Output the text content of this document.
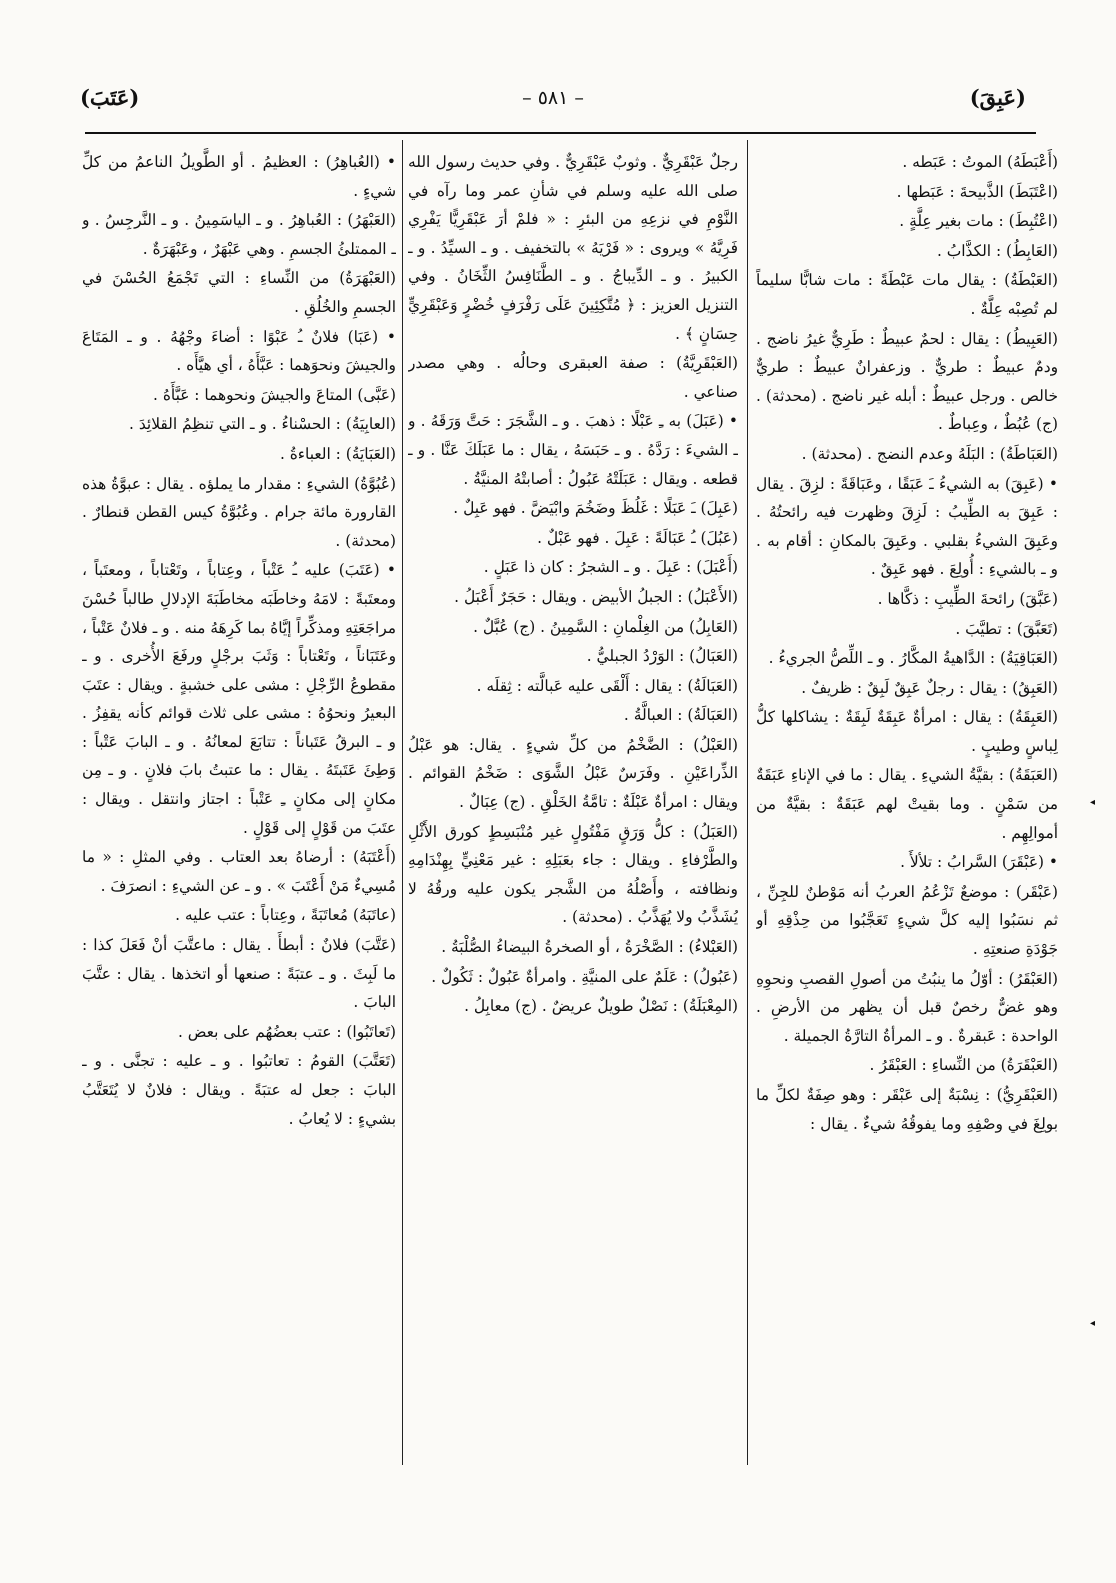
(عَبِقَ)
– ٥٨١ –
(عَتَبَ)

(أَعْبَطَهُ) الموتُ : عَبَطه .

(اعْتَبَطَ) الذَّبيحةَ : عَبَطها .

(اعْتُبِطَ) : مات بغير عِلَّةٍ .

(العَابِطُ) : الكذَّابُ .

(العَبْطَةُ) : يقال مات عَبْطَةً : مات شابًّا سليماً لم تُصِبْه عِلَّةٌ .

(العَبِيطُ) : يقال : لحمٌ عبيطٌ : طَرِيٌّ غيرُ ناضج . ودمٌ عبيطٌ : طريٌّ . وزعفرانٌ عبيطٌ : طريٌّ خالص . ورجل عبيطٌ : أبله غير ناضج . (محدثة) . (ج) عُبُطٌ ، وعِباطٌ .

(العَبَاطَةُ) : البَلَهُ وعدم النضج . (محدثة) .

• (عَبِقَ) به الشيءُ ـَ عَبَقًا ، وعَبَاقَةً : لزِقَ . يقال : عَبِقَ به الطِّيبُ : لَزِقَ وظهرت فيه رائحتُهُ . وعَبِقَ الشيءُ بقلبي . وعَبِقَ بالمكانِ : أقام به . و ـ بالشيءِ : أُولِعَ . فهو عَبِقٌ .

(عَبَّقَ) رائحةَ الطِّيبِ : ذكَّاها .

(تَعَبَّقَ) : تطيَّبَ .

(العَبَاقِيَةُ) : الدَّاهيةُ المكَّارُ . و ـ اللِّصُّ الجريءُ .

(العَبِقُ) : يقال : رجلٌ عَبِقٌ لَبِقٌ : ظريفٌ .

(العَبِقَةُ) : يقال : امرأةٌ عَبِقَةٌ لَبِقَةٌ : يشاكلها كلُّ لِباسٍ وطيبٍ .

(العَبَقَةُ) : بقيَّةُ الشيءِ . يقال : ما في الإناءِ عَبَقَةٌ من سَمْنٍ . وما بقيتْ لهم عَبَقَةٌ : بقيَّةٌ من أموالِهِم .

• (عَبْقَرَ) السَّرابُ : تلألأَ .

(عَبْقَر) : موضعٌ تَزْعُمُ العربُ أنه مَوْطنٌ للجِنِّ ، ثم نسَبُوا إليه كلَّ شيءٍ تَعَجَّبُوا من حِذْقِهِ أو جَوْدَةِ صنعتِهِ .

(العَبْقَرُ) : أوّلُ ما ينبُتُ من أصولِ القصبِ ونحوِهِ وهو غضٌّ رخصٌ قبل أن يظهر من الأرضِ . الواحدة : عَبقرةٌ . و ـ المرأةُ التارَّةُ الجميلة .

(العَبْقَرَةُ) من النِّساءِ : العَبْقَرُ .

(العَبْقَرِيُّ) : نِسْبَةٌ إلى عَبْقَر : وهو صِفَةٌ لكلِّ ما بولِغَ في وصْفِهِ وما يفوقُهُ شيءٌ . يقال :

رجلٌ عَبْقَرِيٌّ . وثوبٌ عَبْقَرِيٌّ . وفي حديث رسول الله صلى الله عليه وسلم في شأنِ عمر وما رآه في النَّوْمِ في نزعِهِ من البئرِ : « فلمْ أرَ عَبْقَرِيًّا يَفْرِي فَرِيَّهُ » ويروى : « فَرْيَهُ » بالتخفيف . و ـ السيِّدُ . و ـ الكبيرُ . و ـ الدِّيباجُ . و ـ الطَّنَافِسُ الثِّخَانُ . وفي التنزيل العزيز : ﴿ مُتَّكِئِينَ عَلَى رَفْرَفٍ خُضْرٍ وَعَبْقَرِيٍّ حِسَانٍ ﴾ .

(العَبْقَرِيَّةُ) : صفة العبقرى وحالُه . وهي مصدر صناعي .

• (عَبَلَ) به ـِ عَبْلًا : ذهبَ . و ـ الشَّجَرَ : حَتَّ وَرَقَهُ . و ـ الشيءَ : رَدَّهُ . و ـ حَبَسَهُ ، يقال : ما عَبَلَكَ عَنَّا . و ـ قطعه . ويقال : عَبَلَتْهُ عَبُولُ : أصابتْهُ المنيَّةُ .

(عَبِلَ) ـَ عَبَلًا : غَلُظَ وضَخُمَ وابْيَضَّ . فهو عَبِلٌ .

(عَبُلَ) ـُ عَبَالَةً : عَبِلَ . فهو عَبْلٌ .

(أَعْبَلَ) : عَبِلَ . و ـ الشجرُ : كان ذا عَبَلٍ .

(الأَعْبَلُ) : الجبلُ الأبيض . ويقال : حَجَرٌ أَعْبَلُ .

(العَابِلُ) من الغِلْمانِ : السَّمِينُ . (ج) عُبَّلٌ .

(العَبَالُ) : الوَرْدُ الجبليُّ .

(العَبَالَةُ) : يقال : أَلْقَى عليه عَبالَّته : ثِقلَه .

(العَبَالَةُ) : العبالَّةُ .

(العَبْلُ) : الضَّخْمُ من كلِّ شيءٍ . يقال: هو عَبْلُ الذِّراعَيْنِ . وفَرَسٌ عَبْلُ الشَّوَى : ضَخْمُ القوائم . ويقال : امرأةٌ عَبْلَةٌ : تامَّةُ الخَلْقِ . (ج) عِبَالٌ .

(العَبَلُ) : كلُّ وَرَقٍ مَفْتُولٍ غير مُنْبَسِطٍ كورق الأَثْلِ والطَّرْفاءِ . ويقال : جاء بعَبَلِهِ : غير مَعْنِيٍّ بِهِنْدَامِهِ ونظافته ، وأَصْلُهُ من الشَّجر يكون عليه ورقُهُ لا يُشَذَّبُ ولا يُهَذَّبُ . (محدثة) .

(العَبْلاءُ) : الصَّخْرَةُ ، أو الصخرةُ البيضاءُ الصُّلْبَةُ .

(عَبُولُ) : عَلَمٌ على المنيَّةِ . وامرأةٌ عَبُولٌ : ثَكُولٌ .

(المِعْبَلَةُ) : نَصْلٌ طويلٌ عريضٌ . (ج) معابِلُ .

• (العُباهِرُ) : العظيمُ . أو الطَّويلُ الناعمُ من كلِّ شيءٍ .

(العَبْهَرُ) : العُباهِرُ . و ـ الياسَمِينُ . و ـ النَّرجِسُ . و ـ الممتلئُ الجسمِ . وهي عَبْهَرٌ ، وعَبْهَرَةٌ .

(العَبْهَرَةُ) من النِّساءِ : التي تَجْمَعُ الحُسْنَ في الجسمِ والخُلُقِ .

• (عَبَا) فلانٌ ـُ عَبْوًا : أضاءَ وجْهُهُ . و ـ المَتَاعَ والجيشَ ونحوَهما : عَبَّأَهُ ، أي هيَّأَه .

(عَبَّى) المتاعَ والجيشَ ونحوهما : عَبَّأَهُ .

(العابِيَةُ) : الحسْناءُ . و ـ التي تنظِمُ القلائِدَ .

(العَبَايَةُ) : العباءةُ .

(عُبُوَّةُ) الشيءِ : مقدار ما يملؤه . يقال : عبوَّةُ هذه القارورة مائة جرام . وعُبُوَّةُ كيس القطن قنطارٌ . (محدثة) .

• (عَتَبَ) عليه ـُ عَتْباً ، وعِتاباً ، وتَعْتاباً ، ومعتَباً ، ومعتَبةً : لامَهُ وخاطَبَه مخاطَبَةَ الإدلالِ طالباً حُسْنَ مراجَعَتِهِ ومذكِّراً إيَّاهُ بما كَرِهَهُ منه . و ـ فلانٌ عَتْباً ، وعَتَبَاناً ، وتَعْتاباً : وَثَبَ برجْلٍ ورفَعَ الأُخرى . و ـ مقطوعُ الرِّجْلِ : مشى على خشبةٍ . ويقال : عتَبَ البعيرُ ونحوُهُ : مشى على ثلاث قوائم كأنه يقفِزُ . و ـ البرقُ عَتَباناً : تتابَعَ لمعانُهُ . و ـ البابَ عَتْباً : وَطِئَ عَتَبتَهُ . يقال : ما عتبتُ بابَ فلانٍ . و ـ مِن مكانٍ إلى مكانٍ ـِ عَتْباً : اجتاز وانتقل . ويقال : عتَبَ من قَوْلٍ إلى قَوْلٍ .

(أَعْتَبَهُ) : أرضاهُ بعد العتاب . وفي المثلِ : « ما مُسِيءٌ مَنْ أَعْتَبَ » . و ـ عن الشيءِ : انصرَفَ .

(عاتَبَهُ) مُعاتَبَةً ، وعِتاباً : عتب عليه .

(عَتَّبَ) فلانٌ : أبطأَ . يقال : ماعتَّبَ أنْ فَعَلَ كذا : ما لَبِثَ . و ـ عتبَةً : صنعها أو اتخذها . يقال : عتَّبَ البابَ .

(تَعاتَبُوا) : عتب بعضُهُم على بعض .

(تَعَتَّبَ) القومُ : تعاتبُوا . و ـ عليه : تجنَّى . و ـ البابَ : جعل له عتبَةً . ويقال : فلانٌ لا يُتَعَتَّبُ بشيءٍ : لا يُعابُ .

◂
◂
